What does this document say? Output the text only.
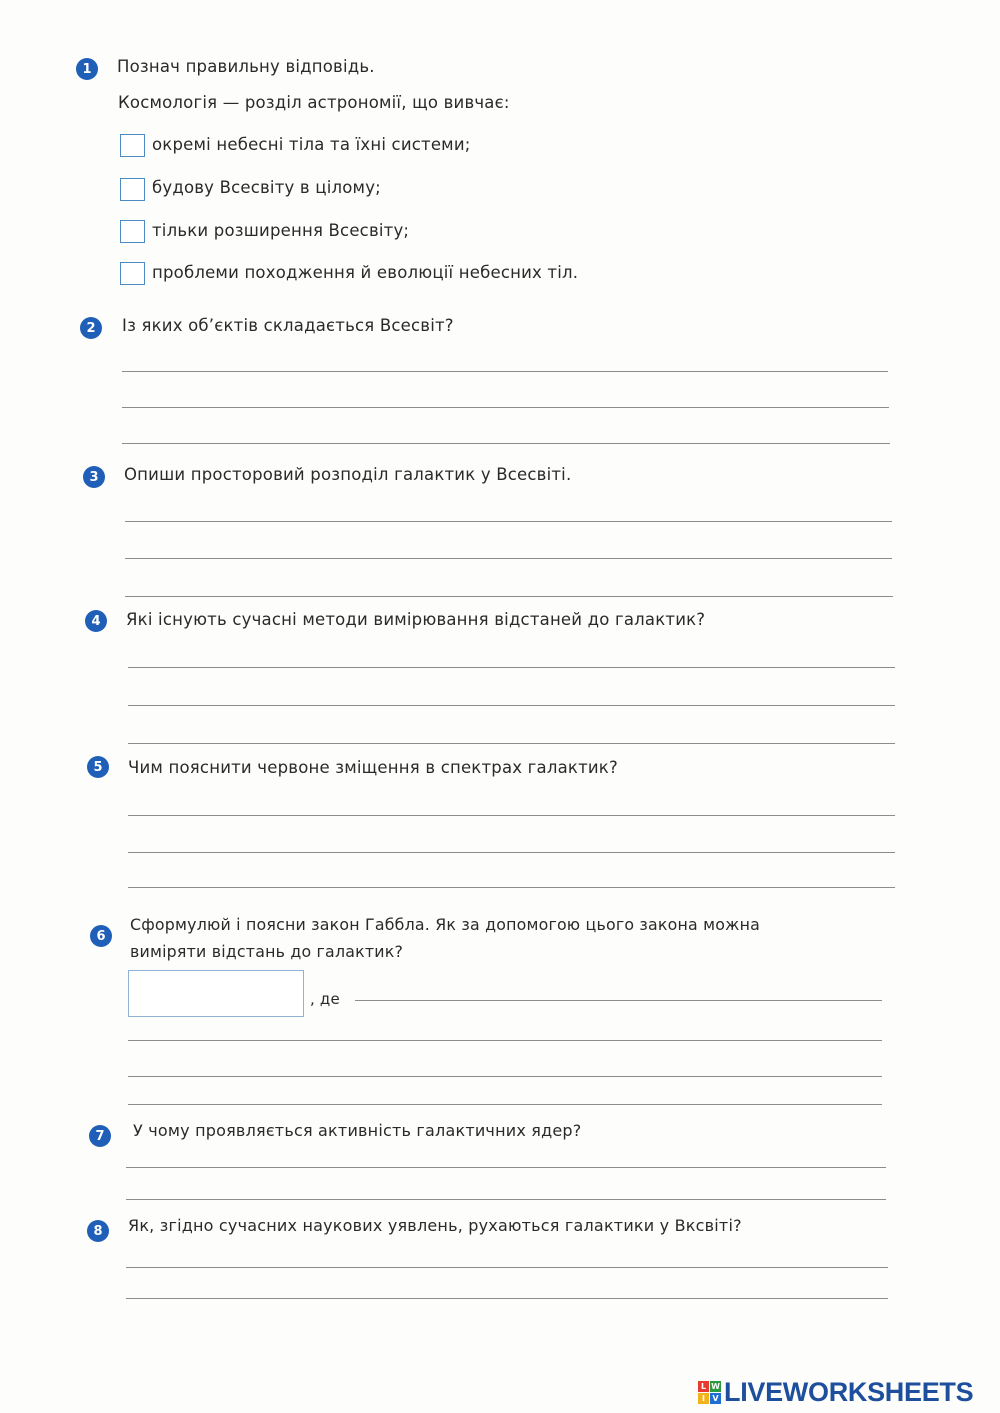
1	Познач правильну відповідь.
Космологія — розділ астрономії, що вивчає:
окремі небесні тіла та їхні системи;
будову Всесвіту в цілому;
тільки розширення Всесвіту;
проблеми походження й еволюції небесних тіл.
2	Із яких об’єктів складається Всесвіт?
3	Опиши просторовий розподіл галактик у Всесвіті.
4	Які існують сучасні методи вимірювання відстаней до галактик?
5	Чим пояснити червоне зміщення в спектрах галактик?
6
Сформулюй і поясни закон Габбла. Як за допомогою цього закона можна
виміряти відстань до галактик?
, де
7	У чому проявляється активність галактичних ядер?
8	Як, згідно сучасних наукових уявлень, рухаються галактики у Вксвіті?
L W
I V LIVEWORKSHEETS
